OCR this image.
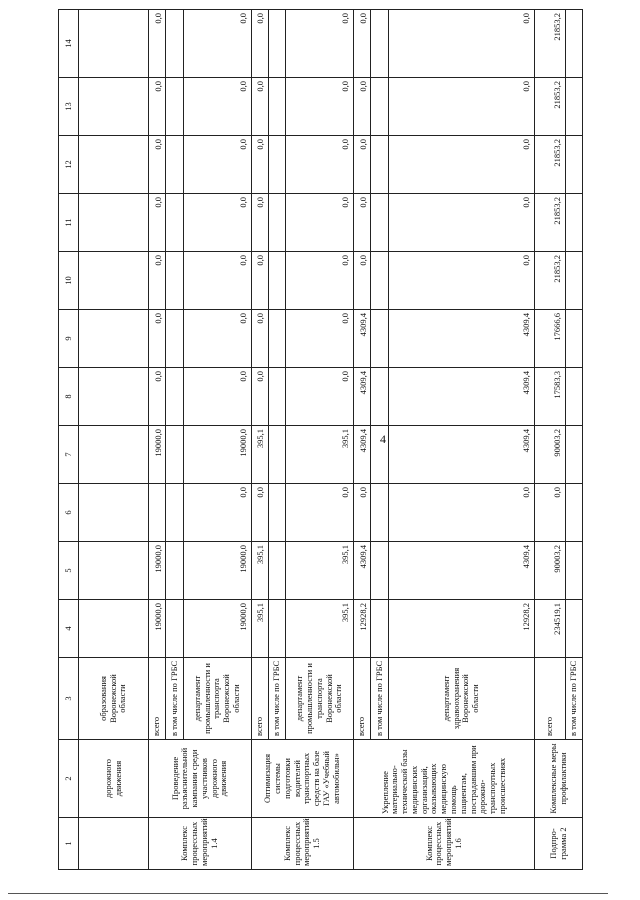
4
1	2	3	4	5	6	7	8	9	10	11	12	13	14
	дорожного движения	образования Воронежской области											
Комплекс процессных мероприятий 1.4	Проведение разъяснительной кампании среди участников дорожного движения	всего	19000,0	19000,0		19000,0	0,0	0,0	0,0	0,0	0,0	0,0	0,0
		в том числе по ГРБС											
		департамент промышленности и транспорта Воронежской области	19000,0	19000,0	0,0	19000,0	0,0	0,0	0,0	0,0	0,0	0,0	0,0
Комплекс процессных мероприятий 1.5	Оптимизация системы подготовки водителей транспортных средств на базе ГАУ «Учебный автомобильн»	всего	395,1	395,1	0,0	395,1	0,0	0,0	0,0	0,0	0,0	0,0	0,0
		в том числе по ГРБС											
		департамент промышленности и транспорта Воронежской области	395,1	395,1	0,0	395,1	0,0	0,0	0,0	0,0	0,0	0,0	0,0
Комплекс процессных мероприятий 1.6	Укрепление материально-технической базы медицинских организаций, оказывающих медицинскую помощь пациентам, пострадавшим при дорожно-транспортных происшествиях	всего	12928,2	4309,4	0,0	4309,4	4309,4	4309,4	0,0	0,0	0,0	0,0	0,0
		в том числе по ГРБС											
		департамент здравоохранения Воронежской области	12928,2	4309,4	0,0	4309,4	4309,4	4309,4	0,0	0,0	0,0	0,0	0,0
Подпро-грамма 2	Комплексные меры профилактики	всего	234519,1	90003,2	0,0	90003,2	17583,3	17666,6	21853,2	21853,2	21853,2	21853,2	21853,2
		в том числе по ГРБС											
